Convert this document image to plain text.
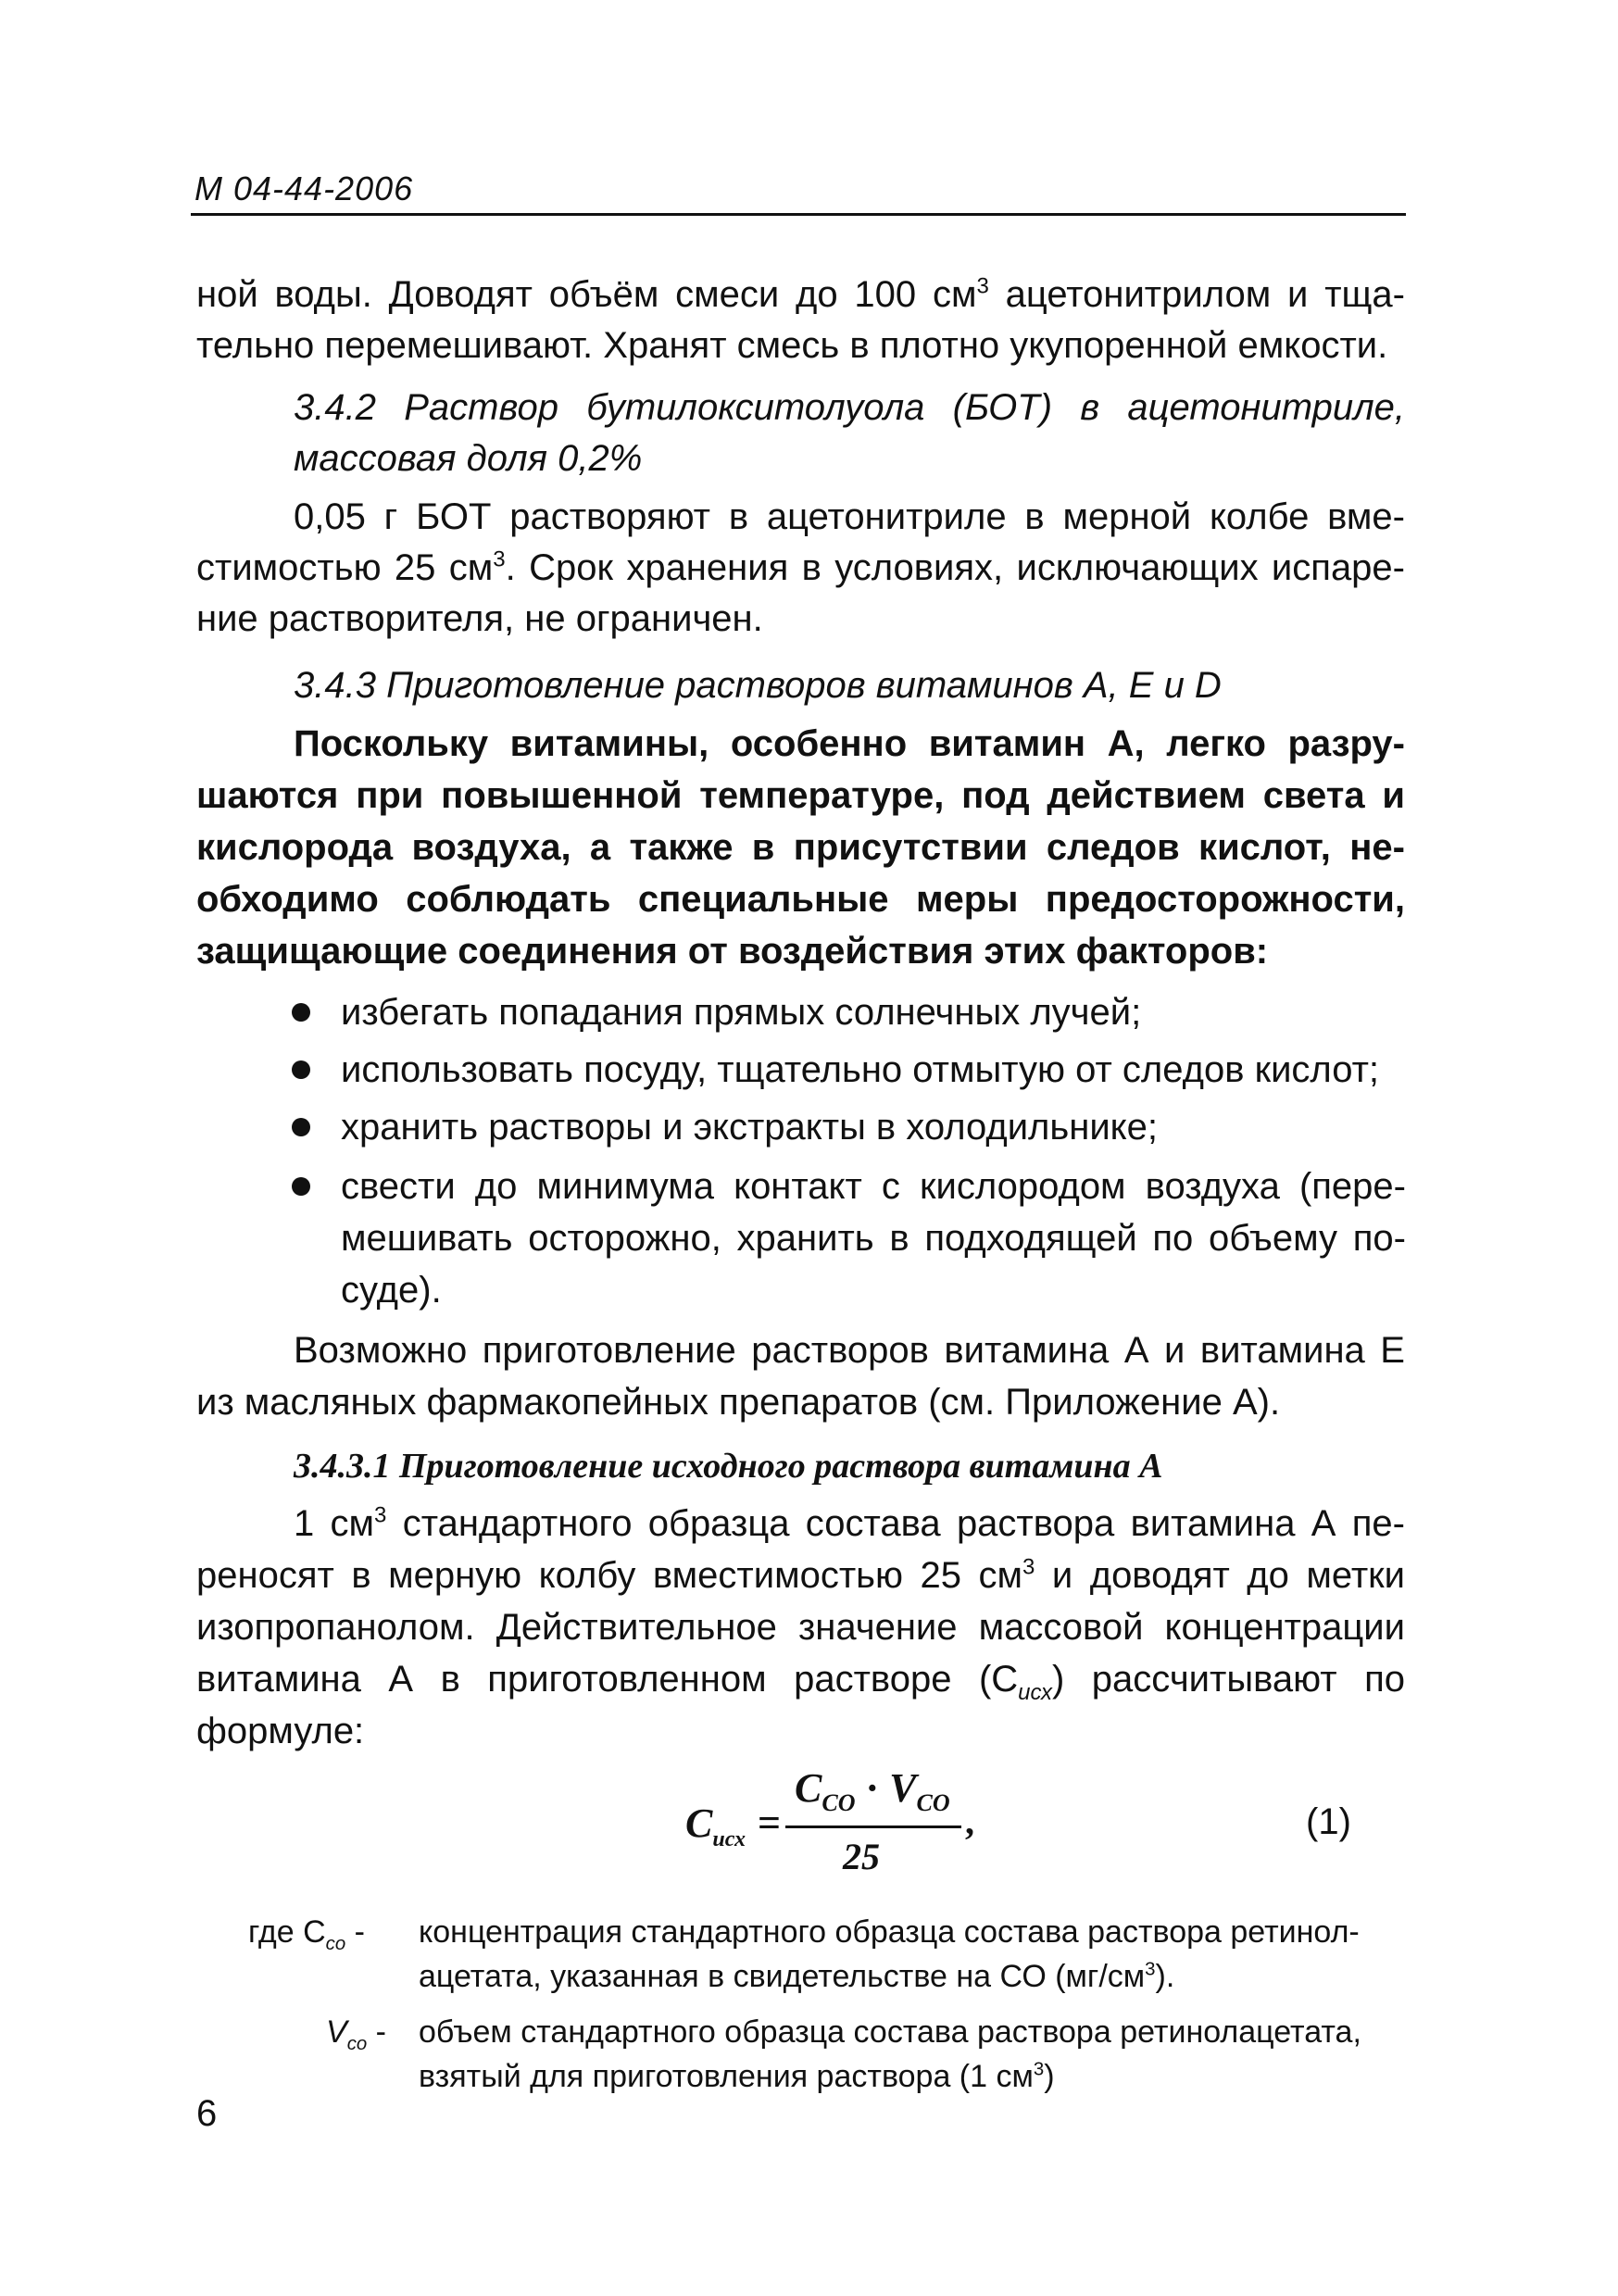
М 04-44-2006
ной воды. Доводят объём смеси до 100 $см^3$ ацетонитрилом и тща-
тельно перемешивают. Хранят смесь в плотно укупоренной емкости.
3.4.2 Раствор бутилокситолуола (БОТ) в ацетонитриле,
массовая доля 0,2%
0,05 г БОТ растворяют в ацетонитриле в мерной колбе вме-
стимостью 25 $см^3$. Срок хранения в условиях, исключающих испаре-
ние растворителя, не ограничен.
3.4.3 Приготовление растворов витаминов А, Е и D
Поскольку витамины, особенно витамин А, легко разру-
шаются при повышенной температуре, под действием света и
кислорода воздуха, а также в присутствии следов кислот, не-
обходимо соблюдать специальные меры предосторожности,
защищающие соединения от воздействия этих факторов:
избегать попадания прямых солнечных лучей;
использовать посуду, тщательно отмытую от следов кислот;
хранить растворы и экстракты в холодильнике;
свести до минимума контакт с кислородом воздуха (пере-
мешивать осторожно, хранить в подходящей по объему по-
суде).
Возможно приготовление растворов витамина А и витамина Е
из масляных фармакопейных препаратов (см. Приложение А).
3.4.3.1 Приготовление исходного раствора витамина А
1 $см^3$ стандартного образца состава раствора витамина А пе-
реносят в мерную колбу вместимостью 25 $см^3$ и доводят до метки
изопропанолом. Действительное значение массовой концентрации
витамина А в приготовленном растворе $(C_{исх})$ рассчитывают по
формуле:
$C_{исх}$ =
$C_{CO} \cdot V_{CO}$
25
,	(1)
где $C_{co}$ - концентрация стандартного образца состава раствора ретинол-
ацетата, указанная в свидетельстве на СО $(мг/см^3)$.
$V_{co}$ - объем стандартного образца состава раствора ретинолацетата,
взятый для приготовления раствора (1 $см^3$)
6
